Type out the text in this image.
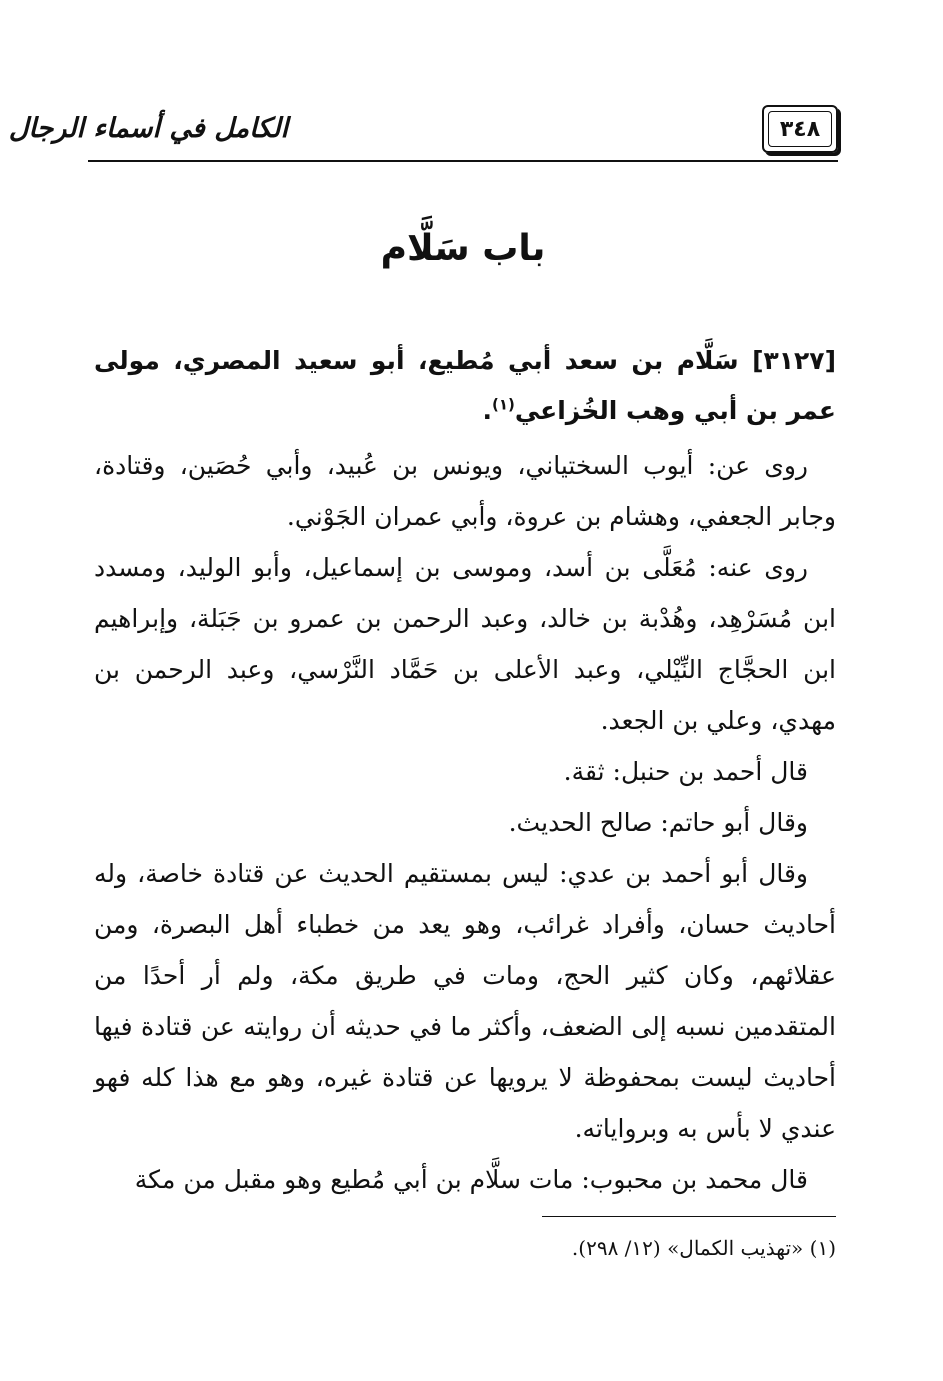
الكامل في أسماء الرجال	٣٤٨
باب سَلَّام
[٣١٢٧] سَلَّام بن سعد أبي مُطيع، أبو سعيد المصري، مولى عمر بن أبي وهب الخُزاعي$^{(١)}$.

روى عن: أيوب السختياني، ويونس بن عُبيد، وأبي حُصَين، وقتادة، وجابر الجعفي، وهشام بن عروة، وأبي عمران الجَوْني.

روى عنه: مُعَلَّى بن أسد، وموسى بن إسماعيل، وأبو الوليد، ومسدد ابن مُسَرْهِد، وهُدْبة بن خالد، وعبد الرحمن بن عمرو بن جَبَلة، وإبراهيم ابن الحجَّاج النِّيْلي، وعبد الأعلى بن حَمَّاد النَّرْسي، وعبد الرحمن بن مهدي، وعلي بن الجعد.

قال أحمد بن حنبل: ثقة.

وقال أبو حاتم: صالح الحديث.

وقال أبو أحمد بن عدي: ليس بمستقيم الحديث عن قتادة خاصة، وله أحاديث حسان، وأفراد غرائب، وهو يعد من خطباء أهل البصرة، ومن عقلائهم، وكان كثير الحج، ومات في طريق مكة، ولم أر أحدًا من المتقدمين نسبه إلى الضعف، وأكثر ما في حديثه أن روايته عن قتادة فيها أحاديث ليست بمحفوظة لا يرويها عن قتادة غيره، وهو مع هذا كله فهو عندي لا بأس به وبرواياته.

قال محمد بن محبوب: مات سلَّام بن أبي مُطيع وهو مقبل من مكة

(١) «تهذيب الكمال» (١٢/ ٢٩٨).
